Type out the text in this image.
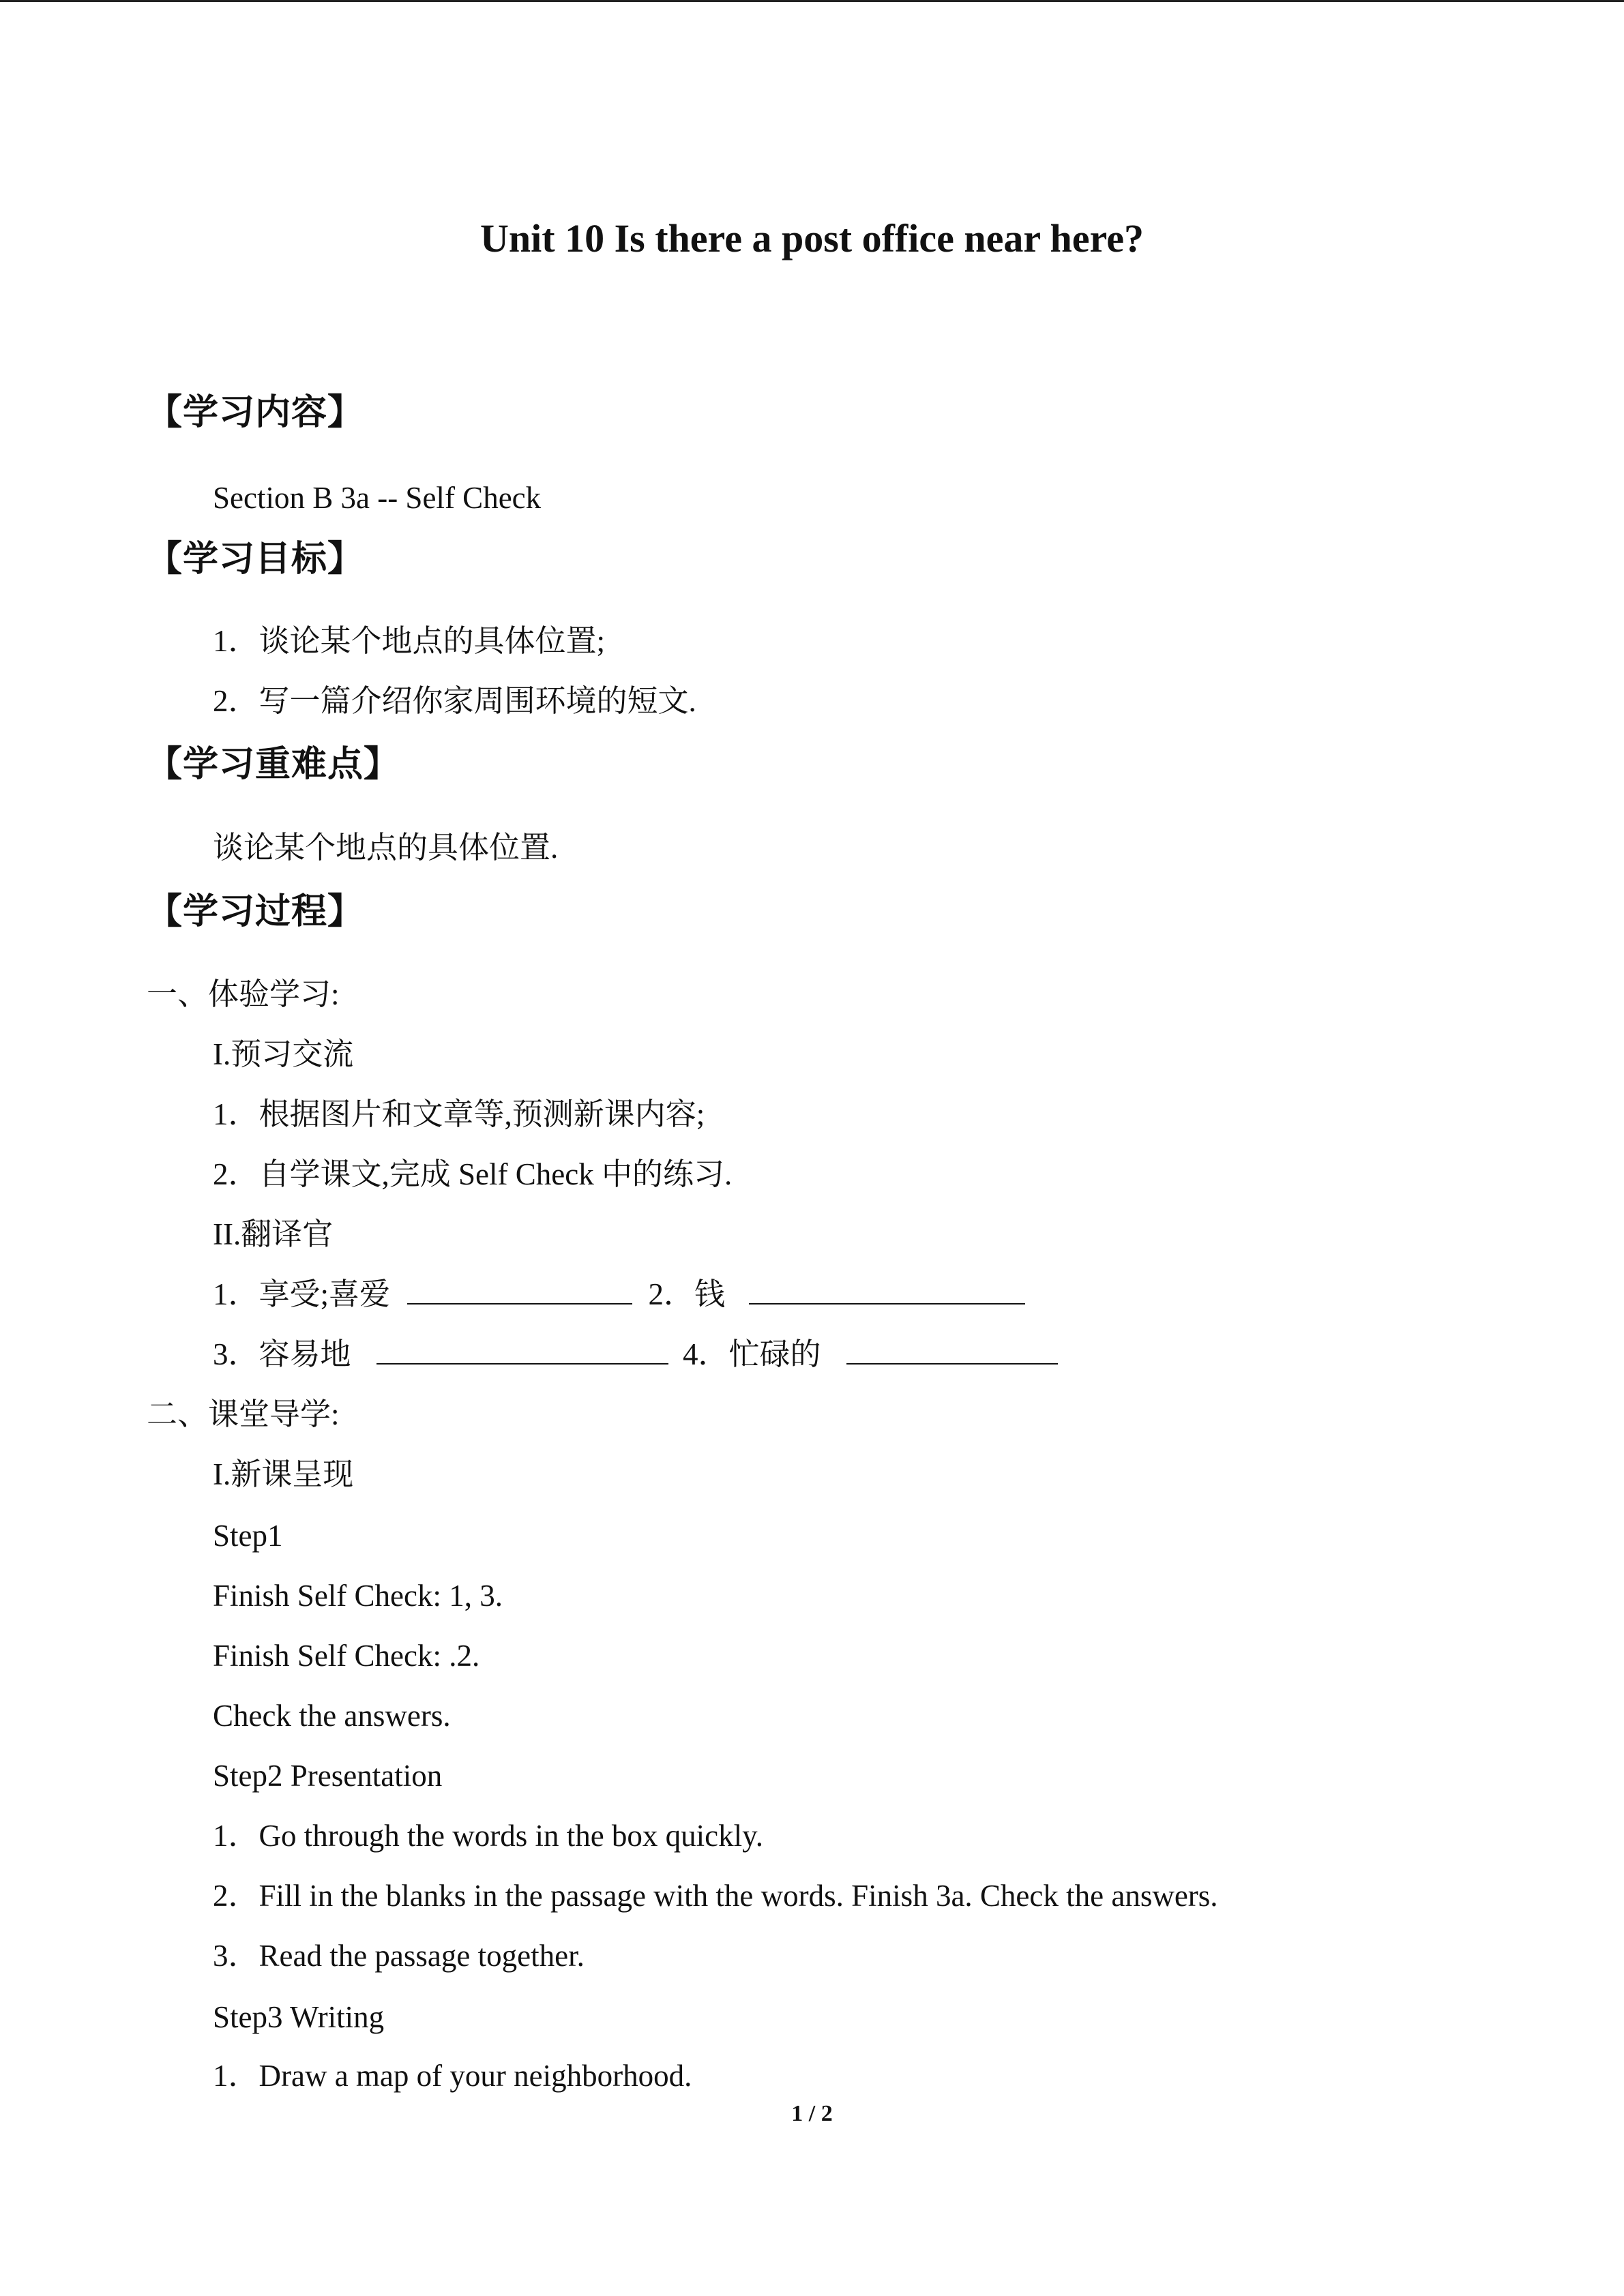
Unit 10 Is there a post office near here?
【学习内容】
Section B 3a -- Self Check
【学习目标】
1．谈论某个地点的具体位置;
2．写一篇介绍你家周围环境的短文.
【学习重难点】
谈论某个地点的具体位置.
【学习过程】
一、体验学习:
I.预习交流
1．根据图片和文章等,预测新课内容;
2．自学课文,完成 Self Check 中的练习.
II.翻译官
1．享受;喜爱	2．钱
3．容易地	4．忙碌的
二、课堂导学:
I.新课呈现
Step1
Finish Self Check: 1, 3.
Finish Self Check: .2.
Check the answers.
Step2 Presentation
1．Go through the words in the box quickly.
2．Fill in the blanks in the passage with the words. Finish 3a. Check the answers.
3．Read the passage together.
Step3 Writing
1．Draw a map of your neighborhood.
1 / 2
